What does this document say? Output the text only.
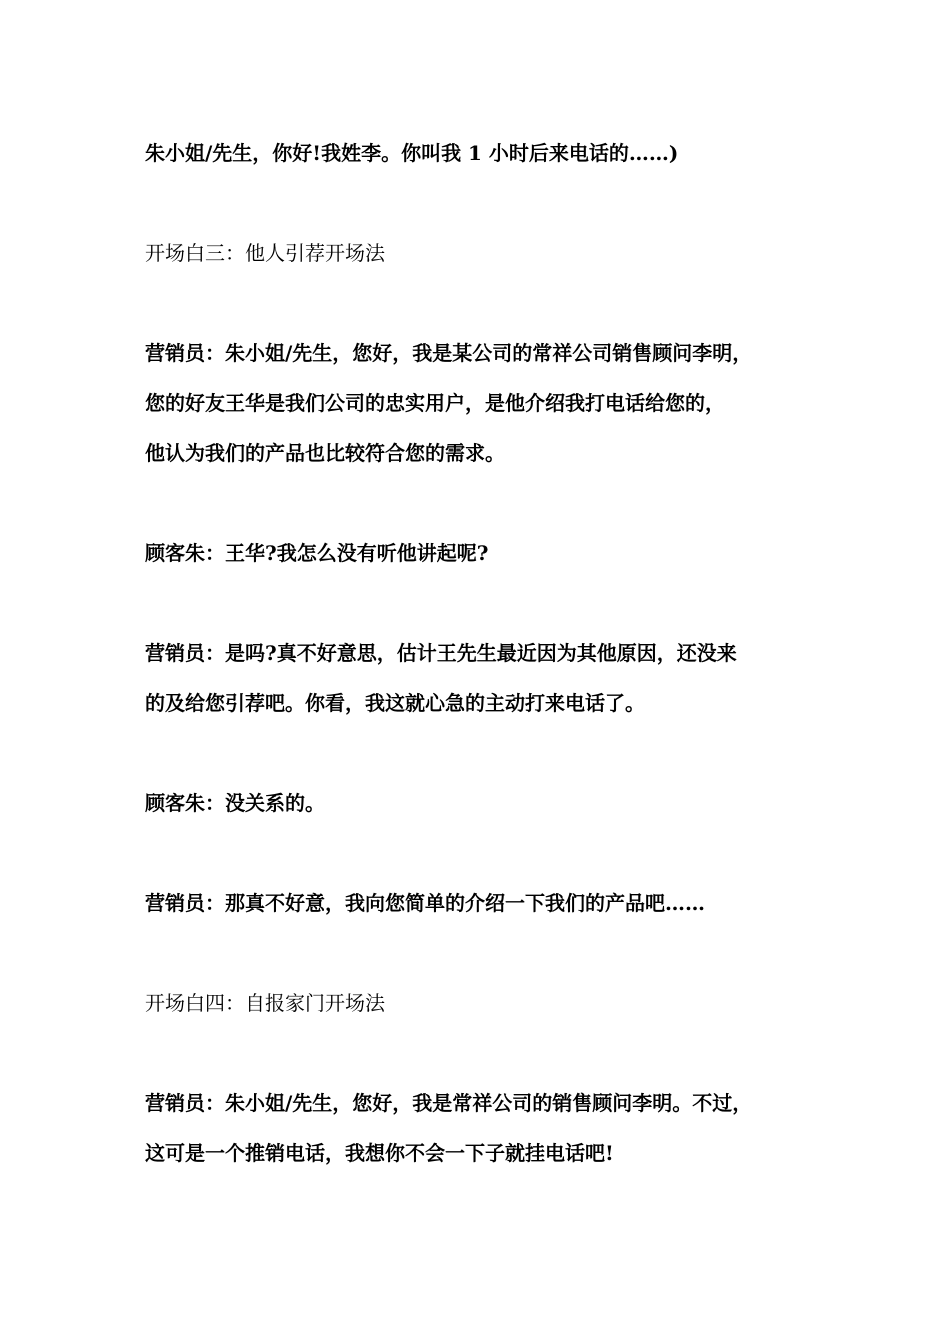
朱小姐/先生，你好!我姓李。你叫我 1 小时后来电话的……)

开场白三：他人引荐开场法

营销员：朱小姐/先生，您好，我是某公司的常祥公司销售顾问李明，
您的好友王华是我们公司的忠实用户，是他介绍我打电话给您的，
他认为我们的产品也比较符合您的需求。

顾客朱：王华?我怎么没有听他讲起呢?

营销员：是吗?真不好意思，估计王先生最近因为其他原因，还没来
的及给您引荐吧。你看，我这就心急的主动打来电话了。

顾客朱：没关系的。

营销员：那真不好意，我向您简单的介绍一下我们的产品吧……

开场白四：自报家门开场法

营销员：朱小姐/先生，您好，我是常祥公司的销售顾问李明。不过，
这可是一个推销电话，我想你不会一下子就挂电话吧!
